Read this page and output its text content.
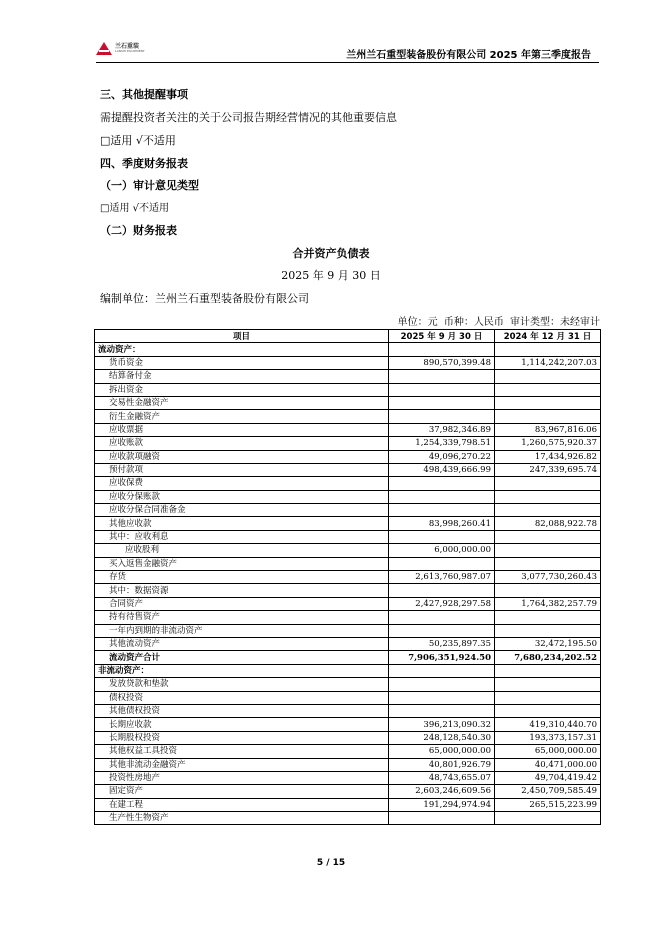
兰石重装
LANSHI EQUIPMENT	兰州兰石重型装备股份有限公司 2025 年第三季度报告
三、其他提醒事项
需提醒投资者关注的关于公司报告期经营情况的其他重要信息
□适用 √不适用
四、季度财务报表
（一）审计意见类型
□适用 √不适用
（二）财务报表
合并资产负债表
2025 年 9 月 30 日
编制单位：兰州兰石重型装备股份有限公司
单位：元 币种：人民币 审计类型：未经审计
项目	2025 年 9 月 30 日	2024 年 12 月 31 日
流动资产：		
货币资金	890,570,399.48	1,114,242,207.03
结算备付金		
拆出资金		
交易性金融资产		
衍生金融资产		
应收票据	37,982,346.89	83,967,816.06
应收账款	1,254,339,798.51	1,260,575,920.37
应收款项融资	49,096,270.22	17,434,926.82
预付款项	498,439,666.99	247,339,695.74
应收保费		
应收分保账款		
应收分保合同准备金		
其他应收款	83,998,260.41	82,088,922.78
其中：应收利息		
应收股利	6,000,000.00	
买入返售金融资产		
存货	2,613,760,987.07	3,077,730,260.43
其中：数据资源		
合同资产	2,427,928,297.58	1,764,382,257.79
持有待售资产		
一年内到期的非流动资产		
其他流动资产	50,235,897.35	32,472,195.50
流动资产合计	7,906,351,924.50	7,680,234,202.52
非流动资产：		
发放贷款和垫款		
债权投资		
其他债权投资		
长期应收款	396,213,090.32	419,310,440.70
长期股权投资	248,128,540.30	193,373,157.31
其他权益工具投资	65,000,000.00	65,000,000.00
其他非流动金融资产	40,801,926.79	40,471,000.00
投资性房地产	48,743,655.07	49,704,419.42
固定资产	2,603,246,609.56	2,450,709,585.49
在建工程	191,294,974.94	265,515,223.99
生产性生物资产		
5 / 15
